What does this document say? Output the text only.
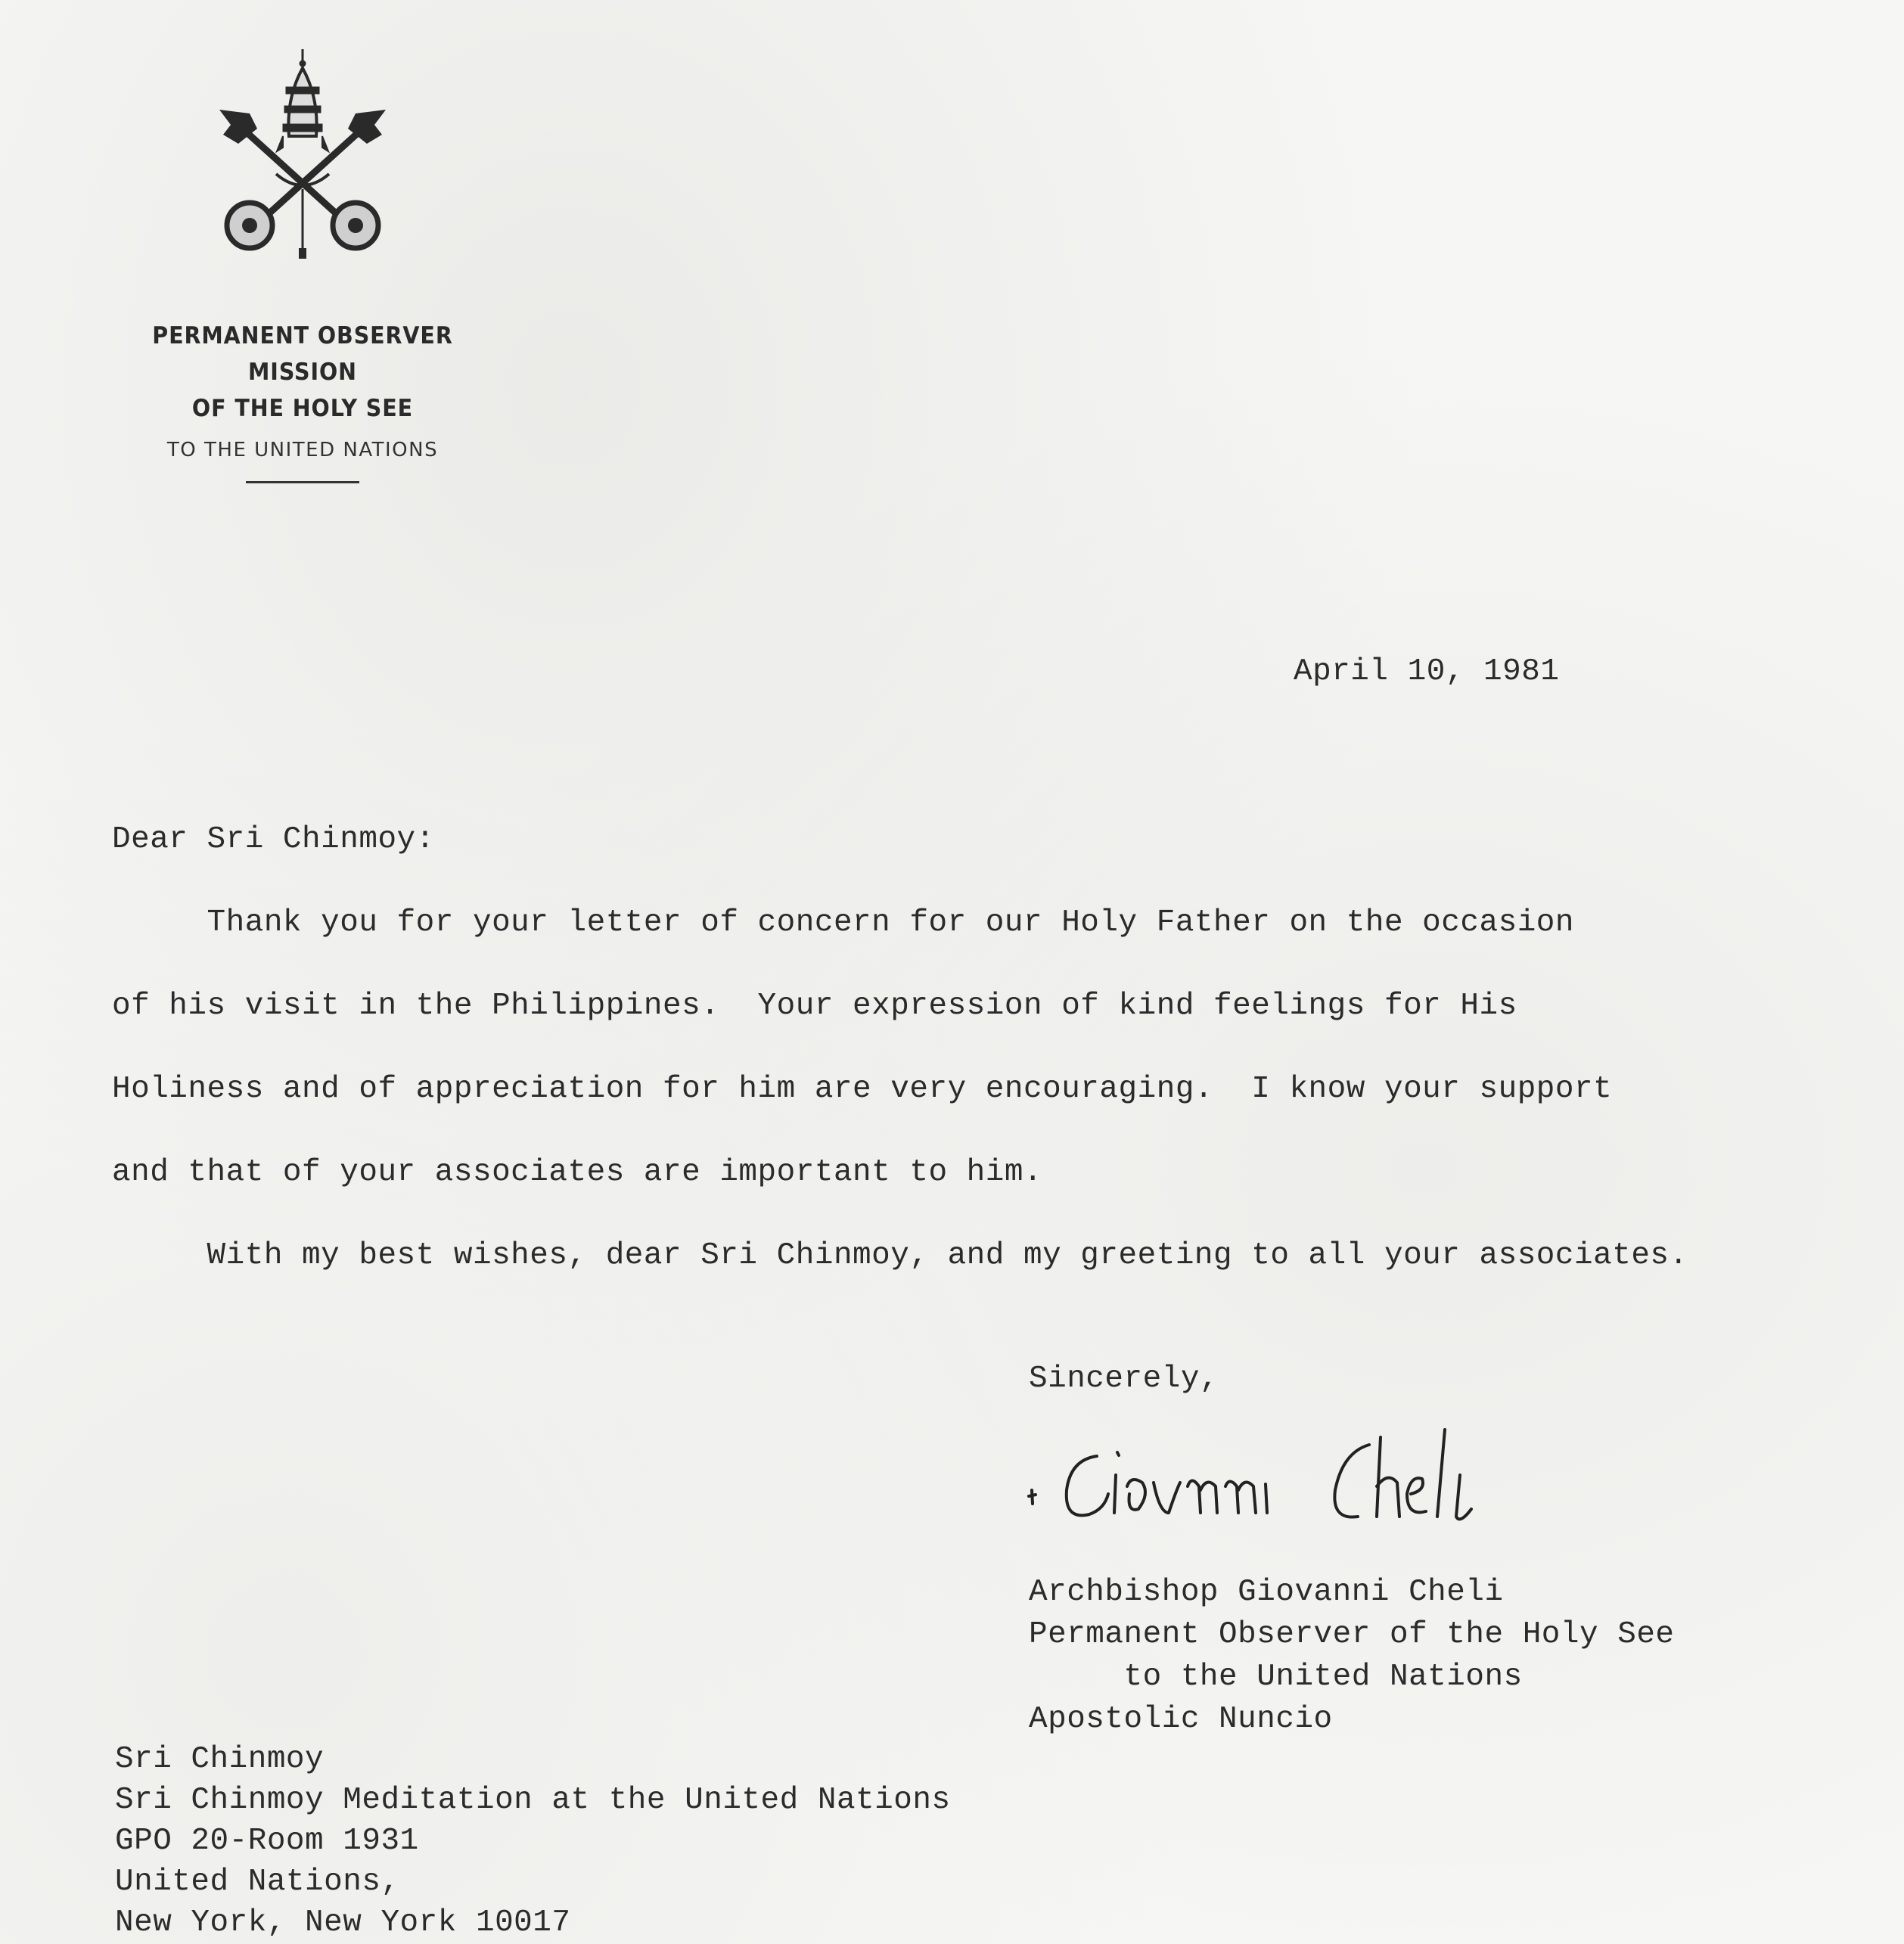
PERMANENT OBSERVER MISSION
OF THE HOLY SEE
TO THE UNITED NATIONS
April 10, 1981
Dear Sri Chinmoy:
Thank you for your letter of concern for our Holy Father on the occasion
of his visit in the Philippines.  Your expression of kind feelings for His
Holiness and of appreciation for him are very encouraging.  I know your support
and that of your associates are important to him.
With my best wishes, dear Sri Chinmoy, and my greeting to all your associates.
Sincerely,
Archbishop Giovanni Cheli
Permanent Observer of the Holy See
to the United Nations
Apostolic Nuncio
Sri Chinmoy
Sri Chinmoy Meditation at the United Nations
GPO 20-Room 1931
United Nations,
New York, New York 10017
